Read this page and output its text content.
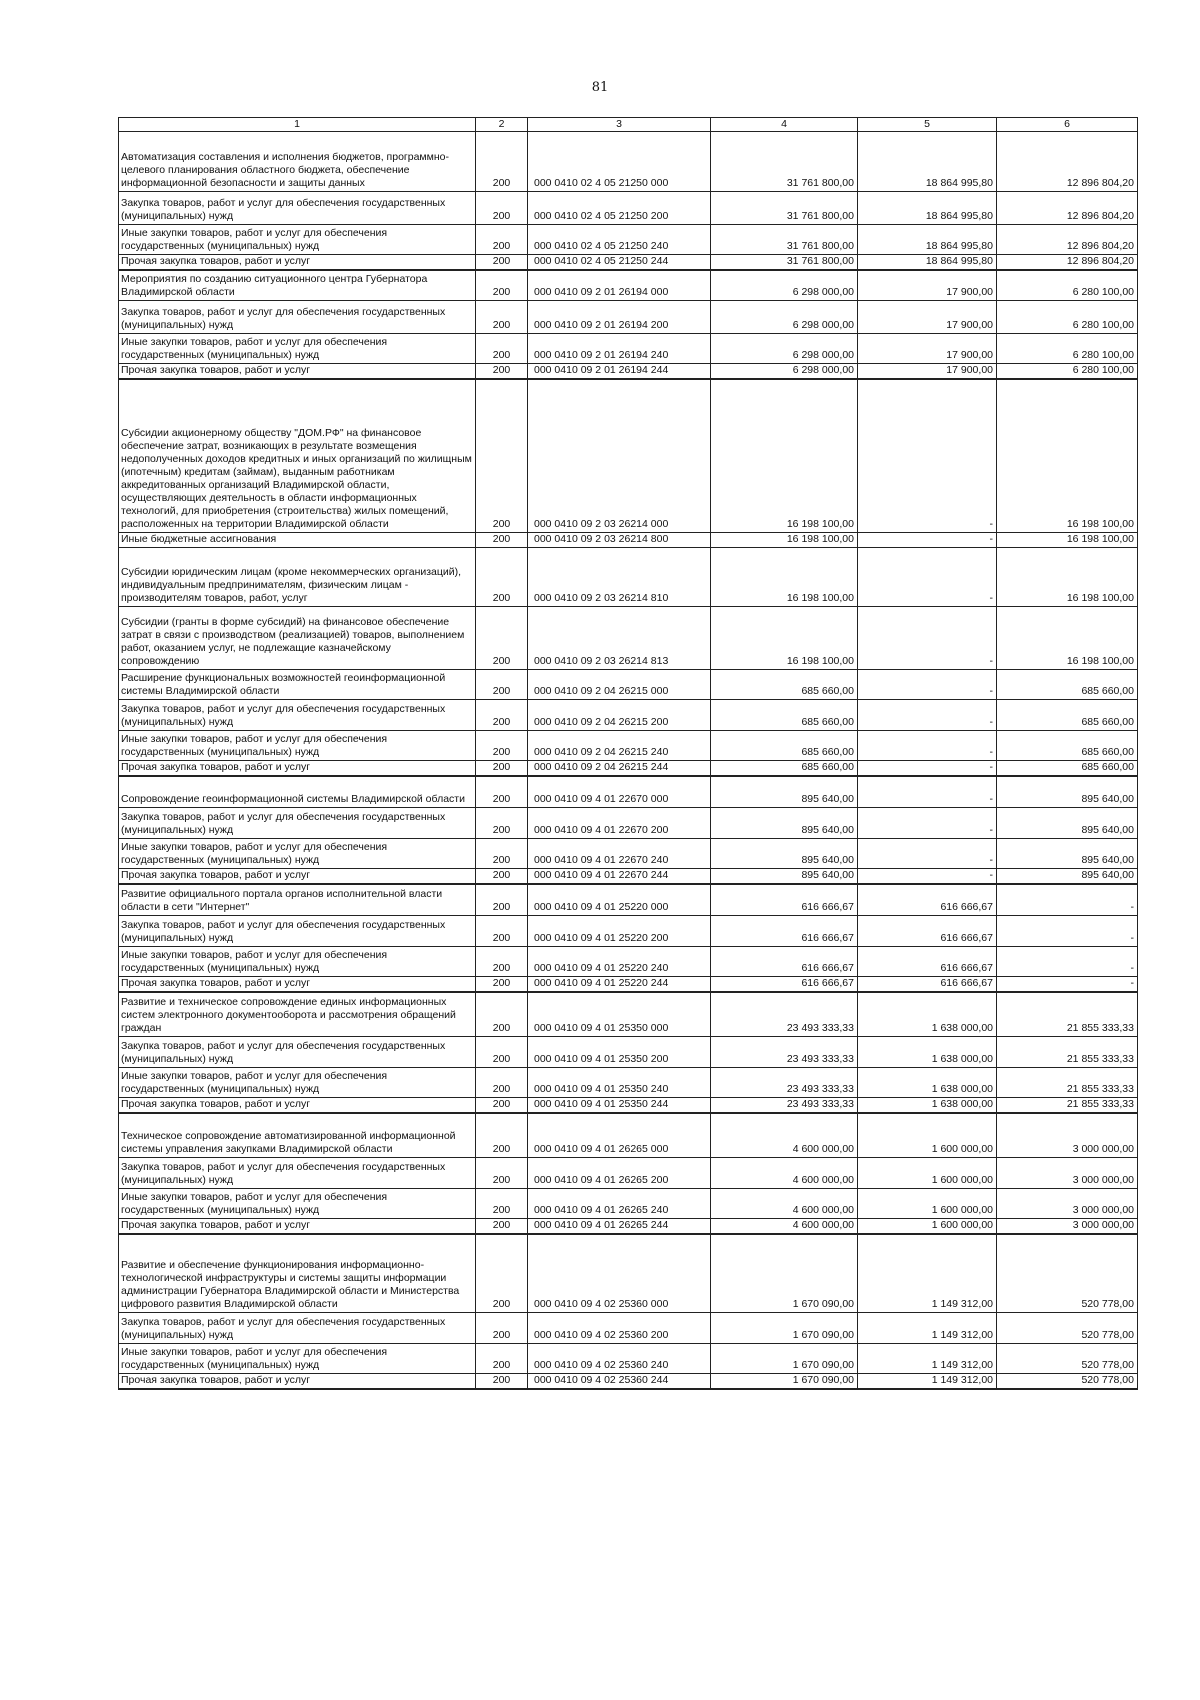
81
1	2	3	4	5	6
Автоматизация составления и исполнения бюджетов, программно-целевого планирования областного бюджета, обеспечение информационной безопасности и защиты данных	200	000 0410 02 4 05 21250 000	31 761 800,00	18 864 995,80	12 896 804,20
Закупка товаров, работ и услуг для обеспечения государственных (муниципальных) нужд	200	000 0410 02 4 05 21250 200	31 761 800,00	18 864 995,80	12 896 804,20
Иные закупки товаров, работ и услуг для обеспечения государственных (муниципальных) нужд	200	000 0410 02 4 05 21250 240	31 761 800,00	18 864 995,80	12 896 804,20
Прочая закупка товаров, работ и услуг	200	000 0410 02 4 05 21250 244	31 761 800,00	18 864 995,80	12 896 804,20
Мероприятия по созданию ситуационного центра Губернатора Владимирской области	200	000 0410 09 2 01 26194 000	6 298 000,00	17 900,00	6 280 100,00
Закупка товаров, работ и услуг для обеспечения государственных (муниципальных) нужд	200	000 0410 09 2 01 26194 200	6 298 000,00	17 900,00	6 280 100,00
Иные закупки товаров, работ и услуг для обеспечения государственных (муниципальных) нужд	200	000 0410 09 2 01 26194 240	6 298 000,00	17 900,00	6 280 100,00
Прочая закупка товаров, работ и услуг	200	000 0410 09 2 01 26194 244	6 298 000,00	17 900,00	6 280 100,00
Субсидии акционерному обществу "ДОМ.РФ" на финансовое обеспечение затрат, возникающих в результате возмещения недополученных доходов кредитных и иных организаций по жилищным (ипотечным) кредитам (займам), выданным работникам аккредитованных организаций Владимирской области, осуществляющих деятельность в области информационных технологий, для приобретения (строительства) жилых помещений, расположенных на территории Владимирской области	200	000 0410 09 2 03 26214 000	16 198 100,00	-	16 198 100,00
Иные бюджетные ассигнования	200	000 0410 09 2 03 26214 800	16 198 100,00	-	16 198 100,00
Субсидии юридическим лицам (кроме некоммерческих организаций), индивидуальным предпринимателям, физическим лицам - производителям товаров, работ, услуг	200	000 0410 09 2 03 26214 810	16 198 100,00	-	16 198 100,00
Субсидии (гранты в форме субсидий) на финансовое обеспечение затрат в связи с производством (реализацией) товаров, выполнением работ, оказанием услуг, не подлежащие казначейскому сопровождению	200	000 0410 09 2 03 26214 813	16 198 100,00	-	16 198 100,00
Расширение функциональных возможностей геоинформационной системы Владимирской области	200	000 0410 09 2 04 26215 000	685 660,00	-	685 660,00
Закупка товаров, работ и услуг для обеспечения государственных (муниципальных) нужд	200	000 0410 09 2 04 26215 200	685 660,00	-	685 660,00
Иные закупки товаров, работ и услуг для обеспечения государственных (муниципальных) нужд	200	000 0410 09 2 04 26215 240	685 660,00	-	685 660,00
Прочая закупка товаров, работ и услуг	200	000 0410 09 2 04 26215 244	685 660,00	-	685 660,00
Сопровождение геоинформационной системы Владимирской области	200	000 0410 09 4 01 22670 000	895 640,00	-	895 640,00
Закупка товаров, работ и услуг для обеспечения государственных (муниципальных) нужд	200	000 0410 09 4 01 22670 200	895 640,00	-	895 640,00
Иные закупки товаров, работ и услуг для обеспечения государственных (муниципальных) нужд	200	000 0410 09 4 01 22670 240	895 640,00	-	895 640,00
Прочая закупка товаров, работ и услуг	200	000 0410 09 4 01 22670 244	895 640,00	-	895 640,00
Развитие официального портала органов исполнительной власти области в сети "Интернет"	200	000 0410 09 4 01 25220 000	616 666,67	616 666,67	-
Закупка товаров, работ и услуг для обеспечения государственных (муниципальных) нужд	200	000 0410 09 4 01 25220 200	616 666,67	616 666,67	-
Иные закупки товаров, работ и услуг для обеспечения государственных (муниципальных) нужд	200	000 0410 09 4 01 25220 240	616 666,67	616 666,67	-
Прочая закупка товаров, работ и услуг	200	000 0410 09 4 01 25220 244	616 666,67	616 666,67	-
Развитие и техническое сопровождение единых информационных систем электронного документооборота и рассмотрения обращений граждан	200	000 0410 09 4 01 25350 000	23 493 333,33	1 638 000,00	21 855 333,33
Закупка товаров, работ и услуг для обеспечения государственных (муниципальных) нужд	200	000 0410 09 4 01 25350 200	23 493 333,33	1 638 000,00	21 855 333,33
Иные закупки товаров, работ и услуг для обеспечения государственных (муниципальных) нужд	200	000 0410 09 4 01 25350 240	23 493 333,33	1 638 000,00	21 855 333,33
Прочая закупка товаров, работ и услуг	200	000 0410 09 4 01 25350 244	23 493 333,33	1 638 000,00	21 855 333,33
Техническое сопровождение автоматизированной информационной системы управления закупками Владимирской области	200	000 0410 09 4 01 26265 000	4 600 000,00	1 600 000,00	3 000 000,00
Закупка товаров, работ и услуг для обеспечения государственных (муниципальных) нужд	200	000 0410 09 4 01 26265 200	4 600 000,00	1 600 000,00	3 000 000,00
Иные закупки товаров, работ и услуг для обеспечения государственных (муниципальных) нужд	200	000 0410 09 4 01 26265 240	4 600 000,00	1 600 000,00	3 000 000,00
Прочая закупка товаров, работ и услуг	200	000 0410 09 4 01 26265 244	4 600 000,00	1 600 000,00	3 000 000,00
Развитие и обеспечение функционирования информационно-технологической инфраструктуры и системы защиты информации администрации Губернатора Владимирской области и Министерства цифрового развития Владимирской области	200	000 0410 09 4 02 25360 000	1 670 090,00	1 149 312,00	520 778,00
Закупка товаров, работ и услуг для обеспечения государственных (муниципальных) нужд	200	000 0410 09 4 02 25360 200	1 670 090,00	1 149 312,00	520 778,00
Иные закупки товаров, работ и услуг для обеспечения государственных (муниципальных) нужд	200	000 0410 09 4 02 25360 240	1 670 090,00	1 149 312,00	520 778,00
Прочая закупка товаров, работ и услуг	200	000 0410 09 4 02 25360 244	1 670 090,00	1 149 312,00	520 778,00
